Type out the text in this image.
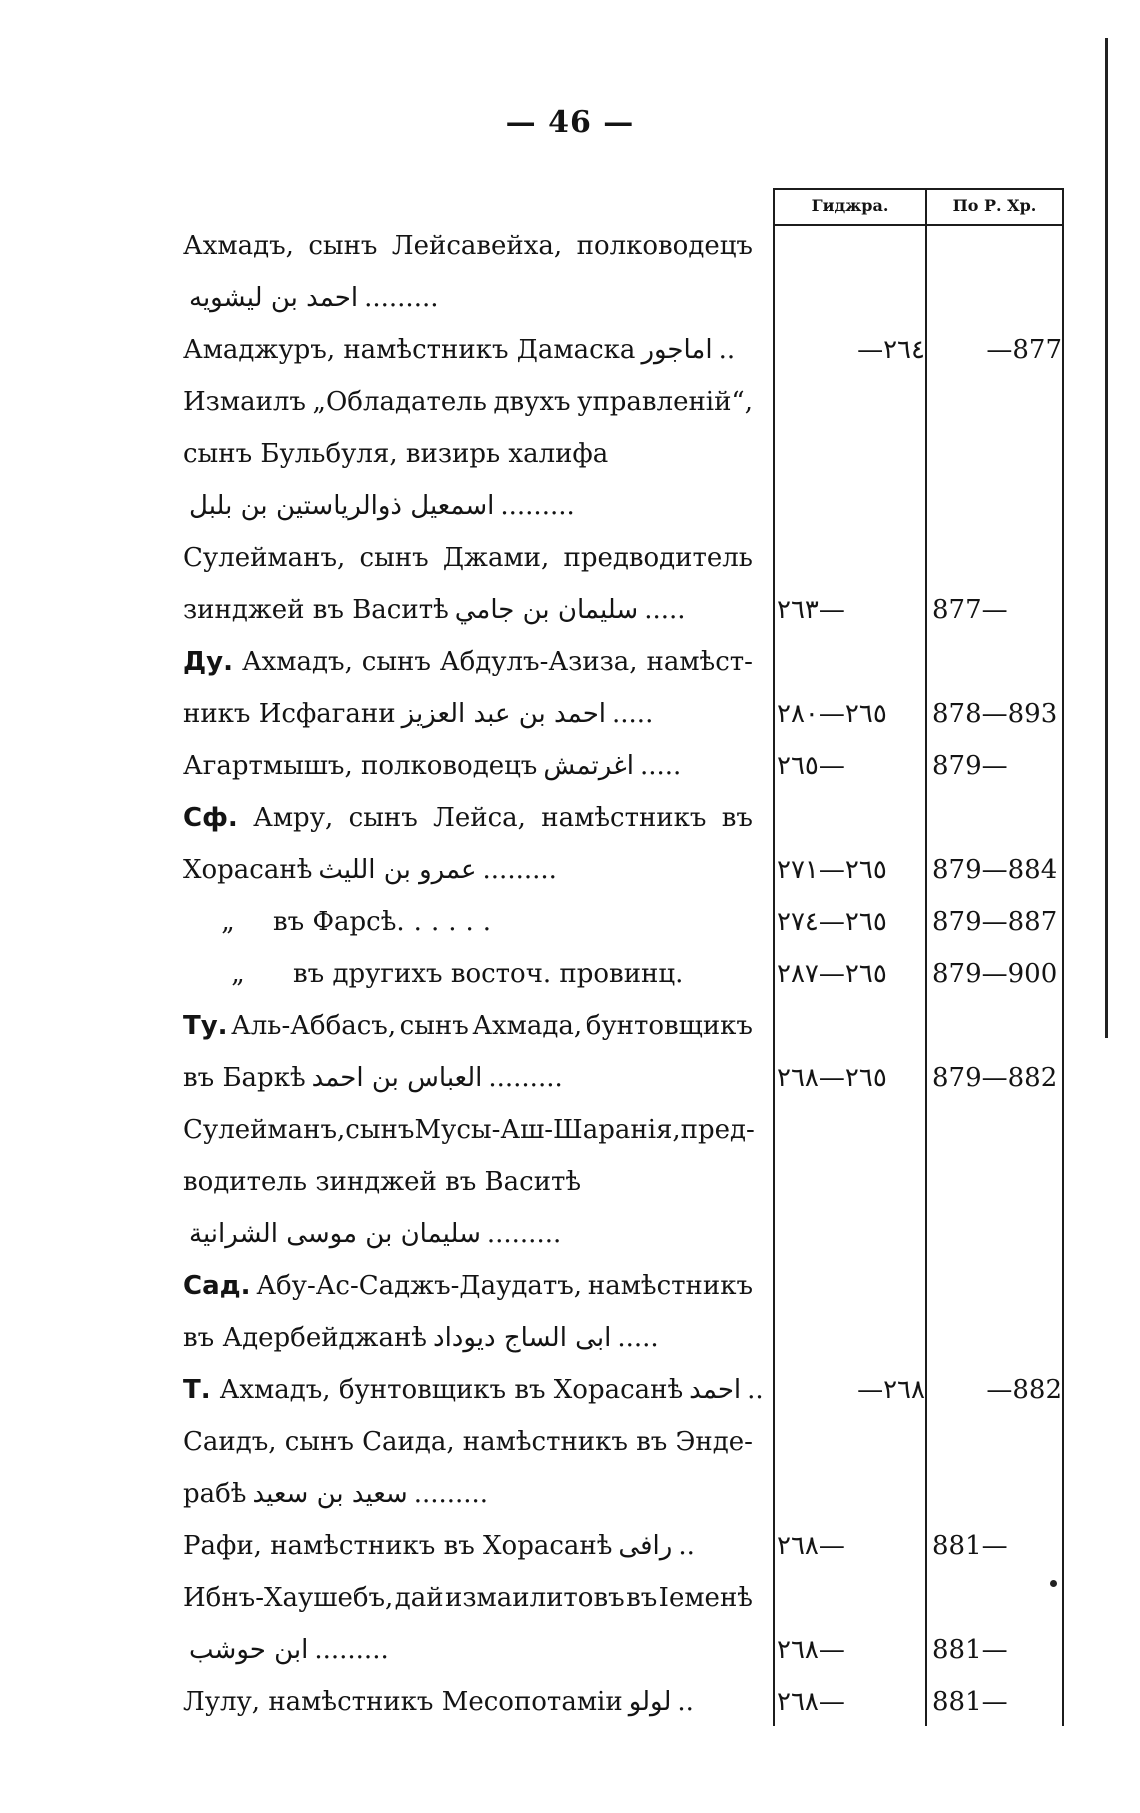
— 46 —
Гиджра.	По Р. Хр.
Ахмадъ, сынъ Лейсавейха, полководецъ
احمد بن ليشويه .........
Амаджуръ, намѣстникъ Дамаска اماجور ..	—٢٦٤	—877
Измаилъ „Обладатель двухъ управленій“,
сынъ Бульбуля, визирь халифа
اسمعيل ذوالرياستين بن بلبل .........
Сулейманъ, сынъ Джами, предводитель
зинджей въ Васитѣ سليمان بن جامي .....	٢٦٣—	877—
Ду. Ахмадъ, сынъ Абдулъ-Азиза, намѣст-
никъ Исфагани احمد بن عبد العزيز .....	٢٦٥—٢٨٠	878—893
Агартмышъ, полководецъ اغرتمش .....	٢٦٥—	879—
Сф. Амру, сынъ Лейса, намѣстникъ въ
Хорасанѣ عمرو بن الليث .........	٢٦٥—٢٧١	879—884
„ въ Фарсѣ......	٢٦٥—٢٧٤	879—887
„ въ другихъ восточ. провинц.	٢٦٥—٢٨٧	879—900
Ту. Аль-Аббасъ, сынъ Ахмада, бунтовщикъ
въ Баркѣ العباس بن احمد .........	٢٦٥—٢٦٨	879—882
Сулейманъ, сынъ Мусы-Аш-Шаранія, пред-
водитель зинджей въ Васитѣ
سليمان بن موسى الشرانية .........
Сад. Абу-Ас-Саджъ-Даудатъ, намѣстникъ
въ Адербейджанѣ ابى الساج ديوداد .....
Т. Ахмадъ, бунтовщикъ въ Хорасанѣ احمد ..	—٢٦٨	—882
Саидъ, сынъ Саида, намѣстникъ въ Энде-
рабѣ سعيد بن سعيد .........
Рафи, намѣстникъ въ Хорасанѣ رافى ..	٢٦٨—	881—
Ибнъ-Хаушебъ, дай измаилитовъ въ Іеменѣ
ابن حوشب .........	٢٦٨—	881—
Лулу, намѣстникъ Месопотаміи لولو ..	٢٦٨—	881—
